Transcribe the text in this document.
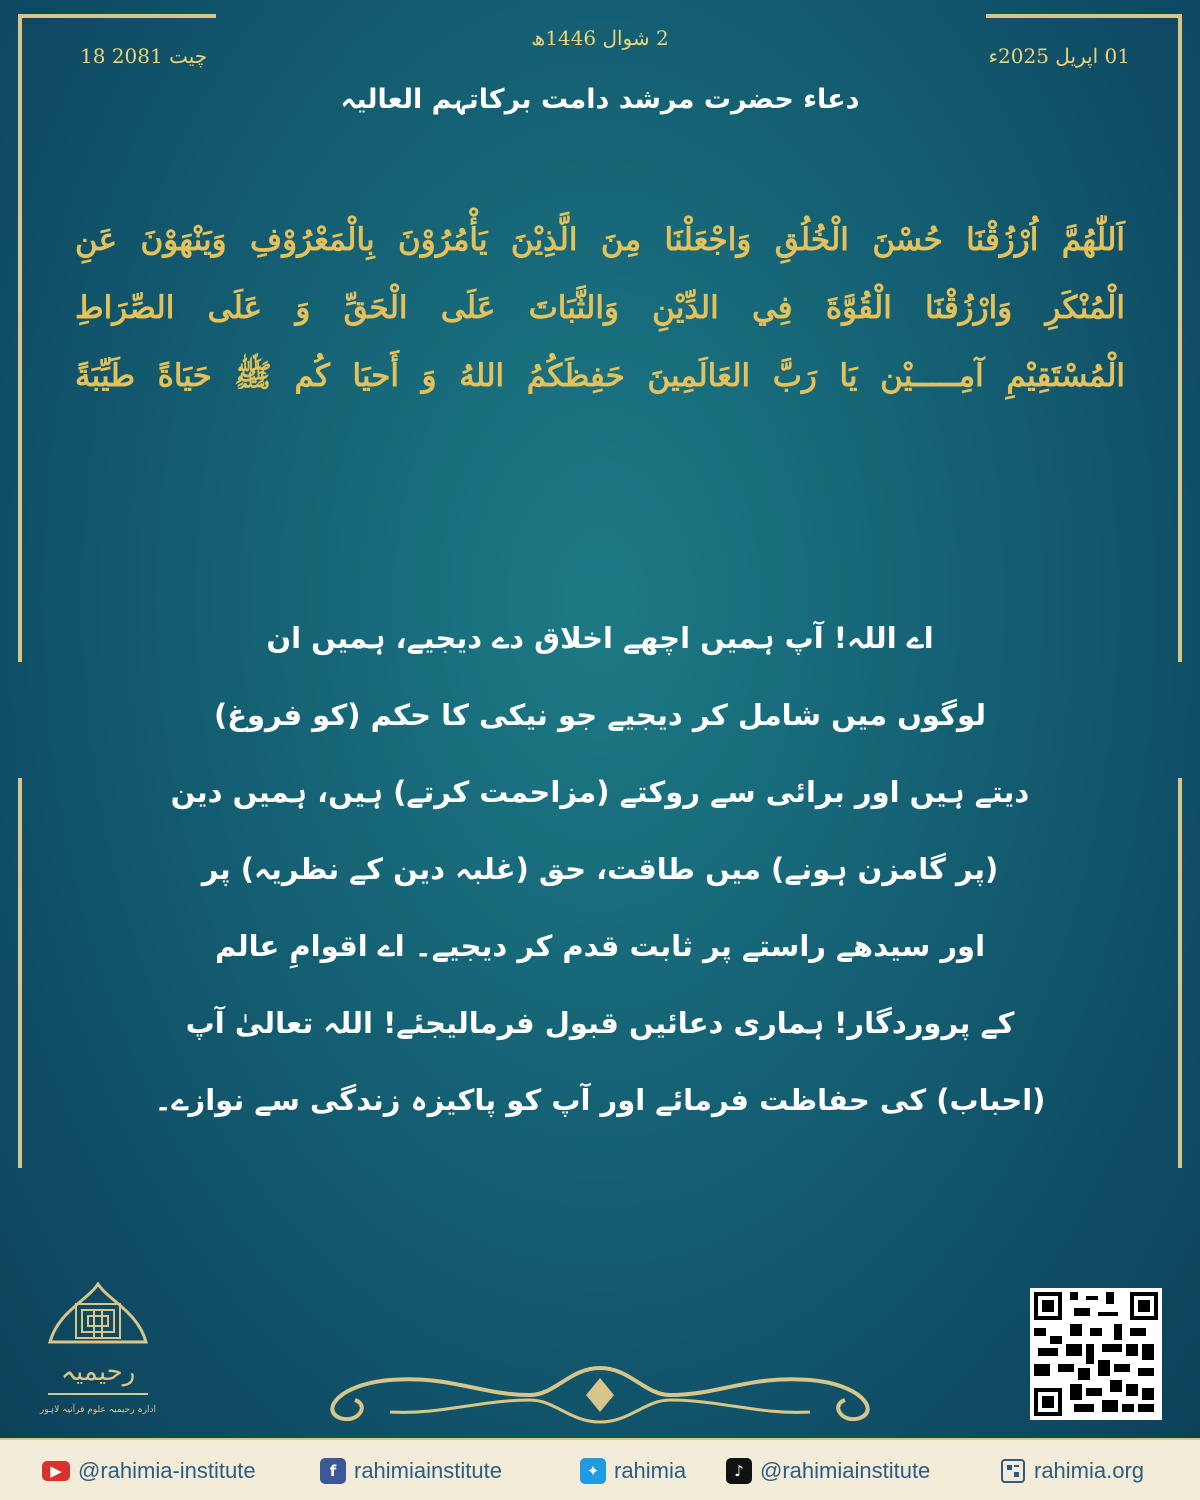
18 چیت 2081
2 شوال 1446ھ
01 اپریل 2025ء
دعاء حضرت مرشد دامت برکاتہم العالیہ

اَللّٰهُمَّ اُرْزُقْنَا حُسْنَ الْخُلُقِ وَاجْعَلْنَا مِنَ الَّذِيْنَ يَأْمُرُوْنَ بِالْمَعْرُوْفِ وَيَنْهَوْنَ عَنِ

الْمُنْكَرِ وَارْزُقْنَا الْقُوَّةَ فِي الدِّيْنِ وَالثَّبَاتَ عَلَى الْحَقِّ وَ عَلَى الصِّرَاطِ

الْمُسْتَقِيْمِ آمِـــــيْن يَا رَبَّ العَالَمِينَ حَفِظَكُمُ اللهُ وَ أَحيَا كُم ﷺ حَيَاةً طَيِّبَةً

اے اللہ! آپ ہمیں اچھے اخلاق دے دیجیے، ہمیں ان

لوگوں میں شامل کر دیجیے جو نیکی کا حکم (کو فروغ)

دیتے ہیں اور برائی سے روکتے (مزاحمت کرتے) ہیں، ہمیں دین

(پر گامزن ہونے) میں طاقت، حق (غلبہ دین کے نظریہ) پر

اور سیدھے راستے پر ثابت قدم کر دیجیے۔ اے اقوامِ عالم

کے پروردگار! ہماری دعائیں قبول فرمالیجئے! اللہ تعالیٰ آپ

(احباب) کی حفاظت فرمائے اور آپ کو پاکیزہ زندگی سے نوازے۔

رحیمیہ
ادارہ رحیمیہ علوم قرآنیہ لاہور
▶ @rahimia-institute	f rahimiainstitute	✦ rahimia	♪ @rahimiainstitute	rahimia.org
